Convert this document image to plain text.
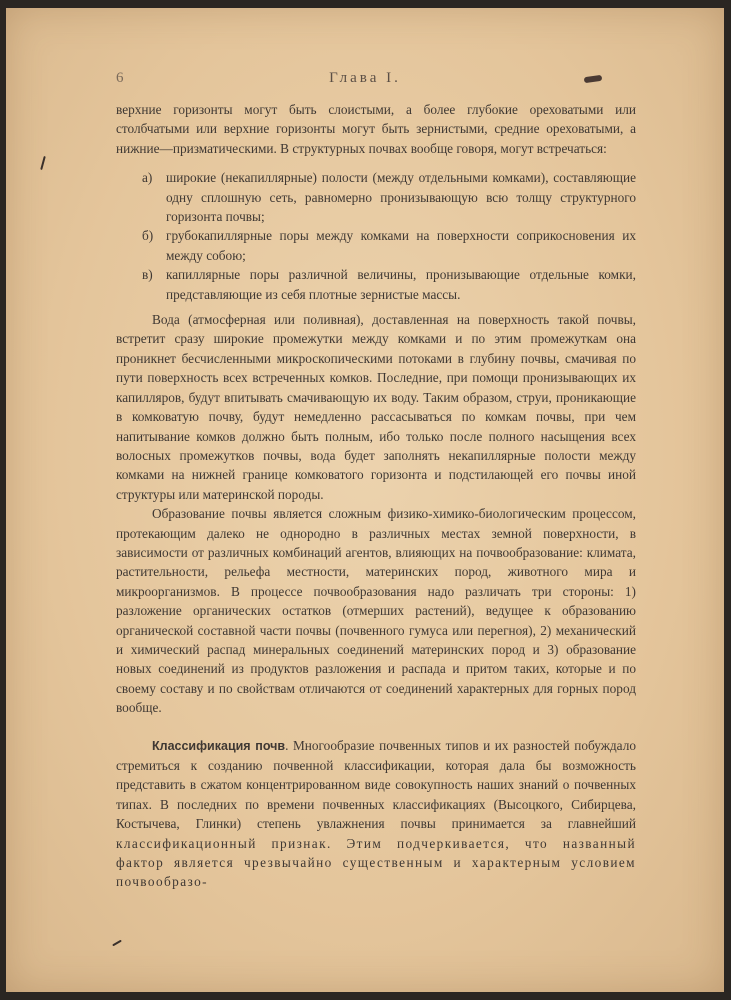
6	Глава I.

верхние горизонты могут быть слоистыми, а более глубокие ореховатыми или столбчатыми или верхние горизонты могут быть зернистыми, средние ореховатыми, а нижние—призматическими. В структурных почвах вообще говоря, могут встречаться:

а) широкие (некапиллярные) полости (между отдельными комками), составляющие одну сплошную сеть, равномерно пронизывающую всю толщу структурного горизонта почвы;
б) грубокапиллярные поры между комками на поверхности соприкосновения их между собою;
в) капиллярные поры различной величины, пронизывающие отдельные комки, представляющие из себя плотные зернистые массы.

Вода (атмосферная или поливная), доставленная на поверхность такой почвы, встретит сразу широкие промежутки между комками и по этим промежуткам она проникнет бесчисленными микроскопическими потоками в глубину почвы, смачивая по пути поверхность всех встреченных комков. Последние, при помощи пронизывающих их капилляров, будут впитывать смачивающую их воду. Таким образом, струи, проникающие в комковатую почву, будут немедленно рассасываться по комкам почвы, при чем напитывание комков должно быть полным, ибо только после полного насыщения всех волосных промежутков почвы, вода будет заполнять некапиллярные полости между комками на нижней границе комковатого горизонта и подстилающей его почвы иной структуры или материнской породы.

Образование почвы является сложным физико-химико-биологическим процессом, протекающим далеко не однородно в различных местах земной поверхности, в зависимости от различных комбинаций агентов, влияющих на почвообразование: климата, растительности, рельефа местности, материнских пород, животного мира и микроорганизмов. В процессе почвообразования надо различать три стороны: 1) разложение органических остатков (отмерших растений), ведущее к образованию органической составной части почвы (почвенного гумуса или перегноя), 2) механический и химический распад минеральных соединений материнских пород и 3) образование новых соединений из продуктов разложения и распада и притом таких, которые и по своему составу и по свойствам отличаются от соединений характерных для горных пород вообще.

Классификация почв. Многообразие почвенных типов и их разностей побуждало стремиться к созданию почвенной классификации, которая дала бы возможность представить в сжатом концентрированном виде совокупность наших знаний о почвенных типах. В последних по времени почвенных классификациях (Высоцкого, Сибирцева, Костычева, Глинки) степень увлажнения почвы принимается за главнейший классификационный признак. Этим подчеркивается, что названный фактор является чрезвычайно существенным и характерным условием почвообразо-
